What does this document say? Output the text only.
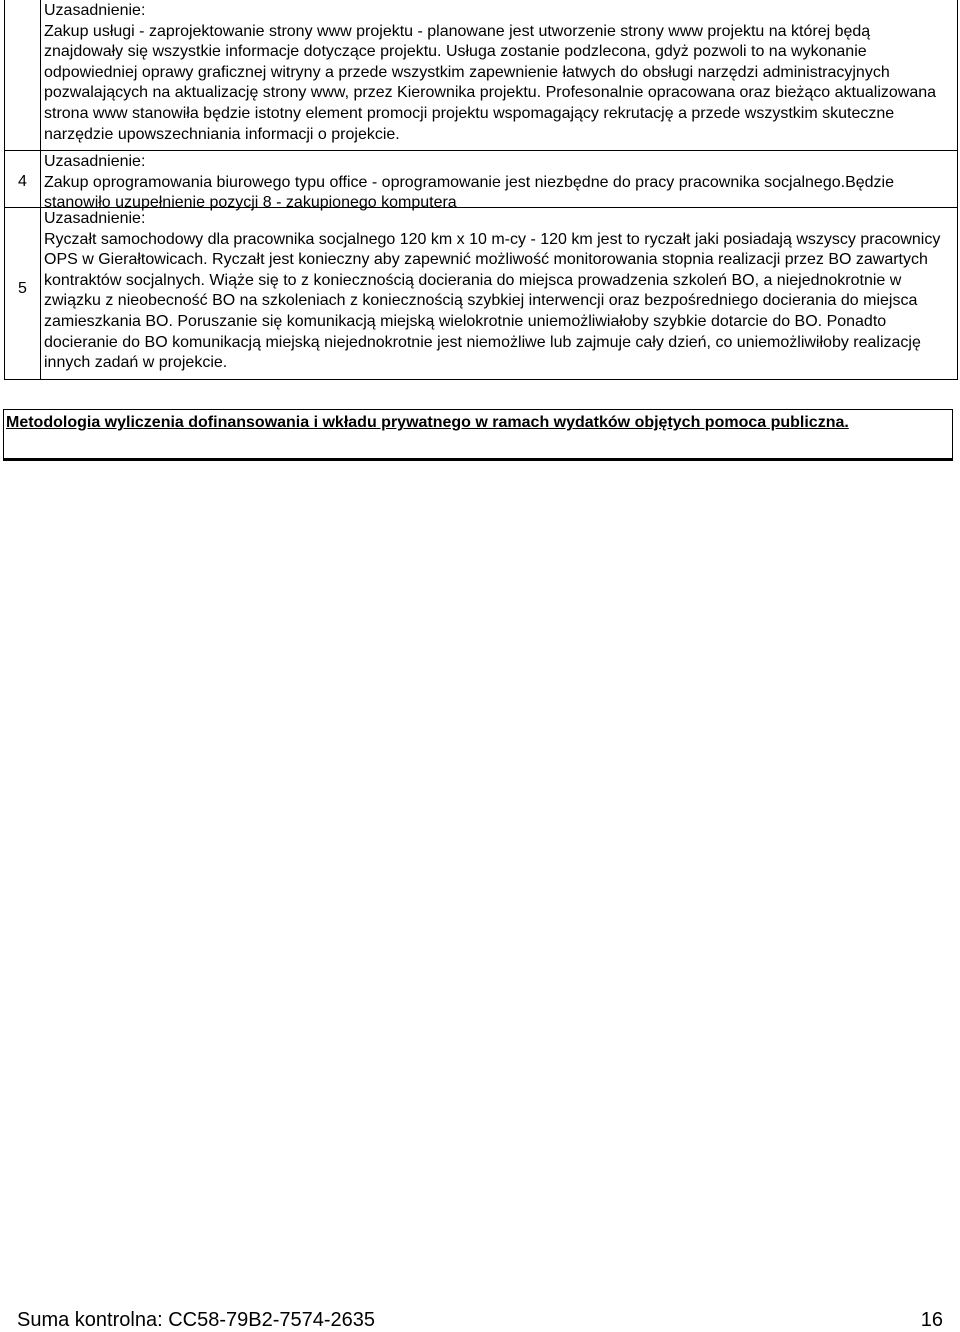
Uzasadnienie:

Zakup usługi - zaprojektowanie strony www projektu - planowane jest utworzenie strony www projektu na której będą znajdowały się wszystkie informacje dotyczące projektu. Usługa zostanie podzlecona, gdyż pozwoli to na wykonanie odpowiedniej oprawy graficznej witryny a przede wszystkim zapewnienie łatwych do obsługi narzędzi administracyjnych pozwalających na aktualizację strony www, przez Kierownika projektu. Profesonalnie opracowana oraz bieżąco aktualizowana strona www stanowiła będzie istotny element promocji projektu wspomagający rekrutację a przede wszystkim skuteczne narzędzie upowszechniania informacji o projekcie.

4

Uzasadnienie:

Zakup oprogramowania biurowego typu office - oprogramowanie jest niezbędne do pracy pracownika socjalnego.Będzie stanowiło uzupełnienie pozycji 8 - zakupionego komputera

5

Uzasadnienie:

Ryczałt samochodowy dla pracownika socjalnego 120 km x 10 m-cy - 120 km jest to ryczałt jaki posiadają wszyscy pracownicy OPS w Gierałtowicach. Ryczałt jest konieczny aby zapewnić możliwość monitorowania stopnia realizacji przez BO zawartych kontraktów socjalnych. Wiąże się to z koniecznością docierania do miejsca prowadzenia szkoleń BO, a niejednokrotnie w związku z nieobecność BO na szkoleniach z koniecznością szybkiej interwencji oraz bezpośredniego docierania do miejsca zamieszkania BO. Poruszanie się komunikacją miejską wielokrotnie uniemożliwiałoby szybkie dotarcie do BO. Ponadto docieranie do BO komunikacją miejską niejednokrotnie jest niemożliwe lub zajmuje cały dzień, co uniemożliwiłoby realizację innych zadań w projekcie.

Metodologia wyliczenia dofinansowania i wkładu prywatnego w ramach wydatków objętych pomoca publiczna.
Suma kontrolna: CC58-79B2-7574-2635	16
